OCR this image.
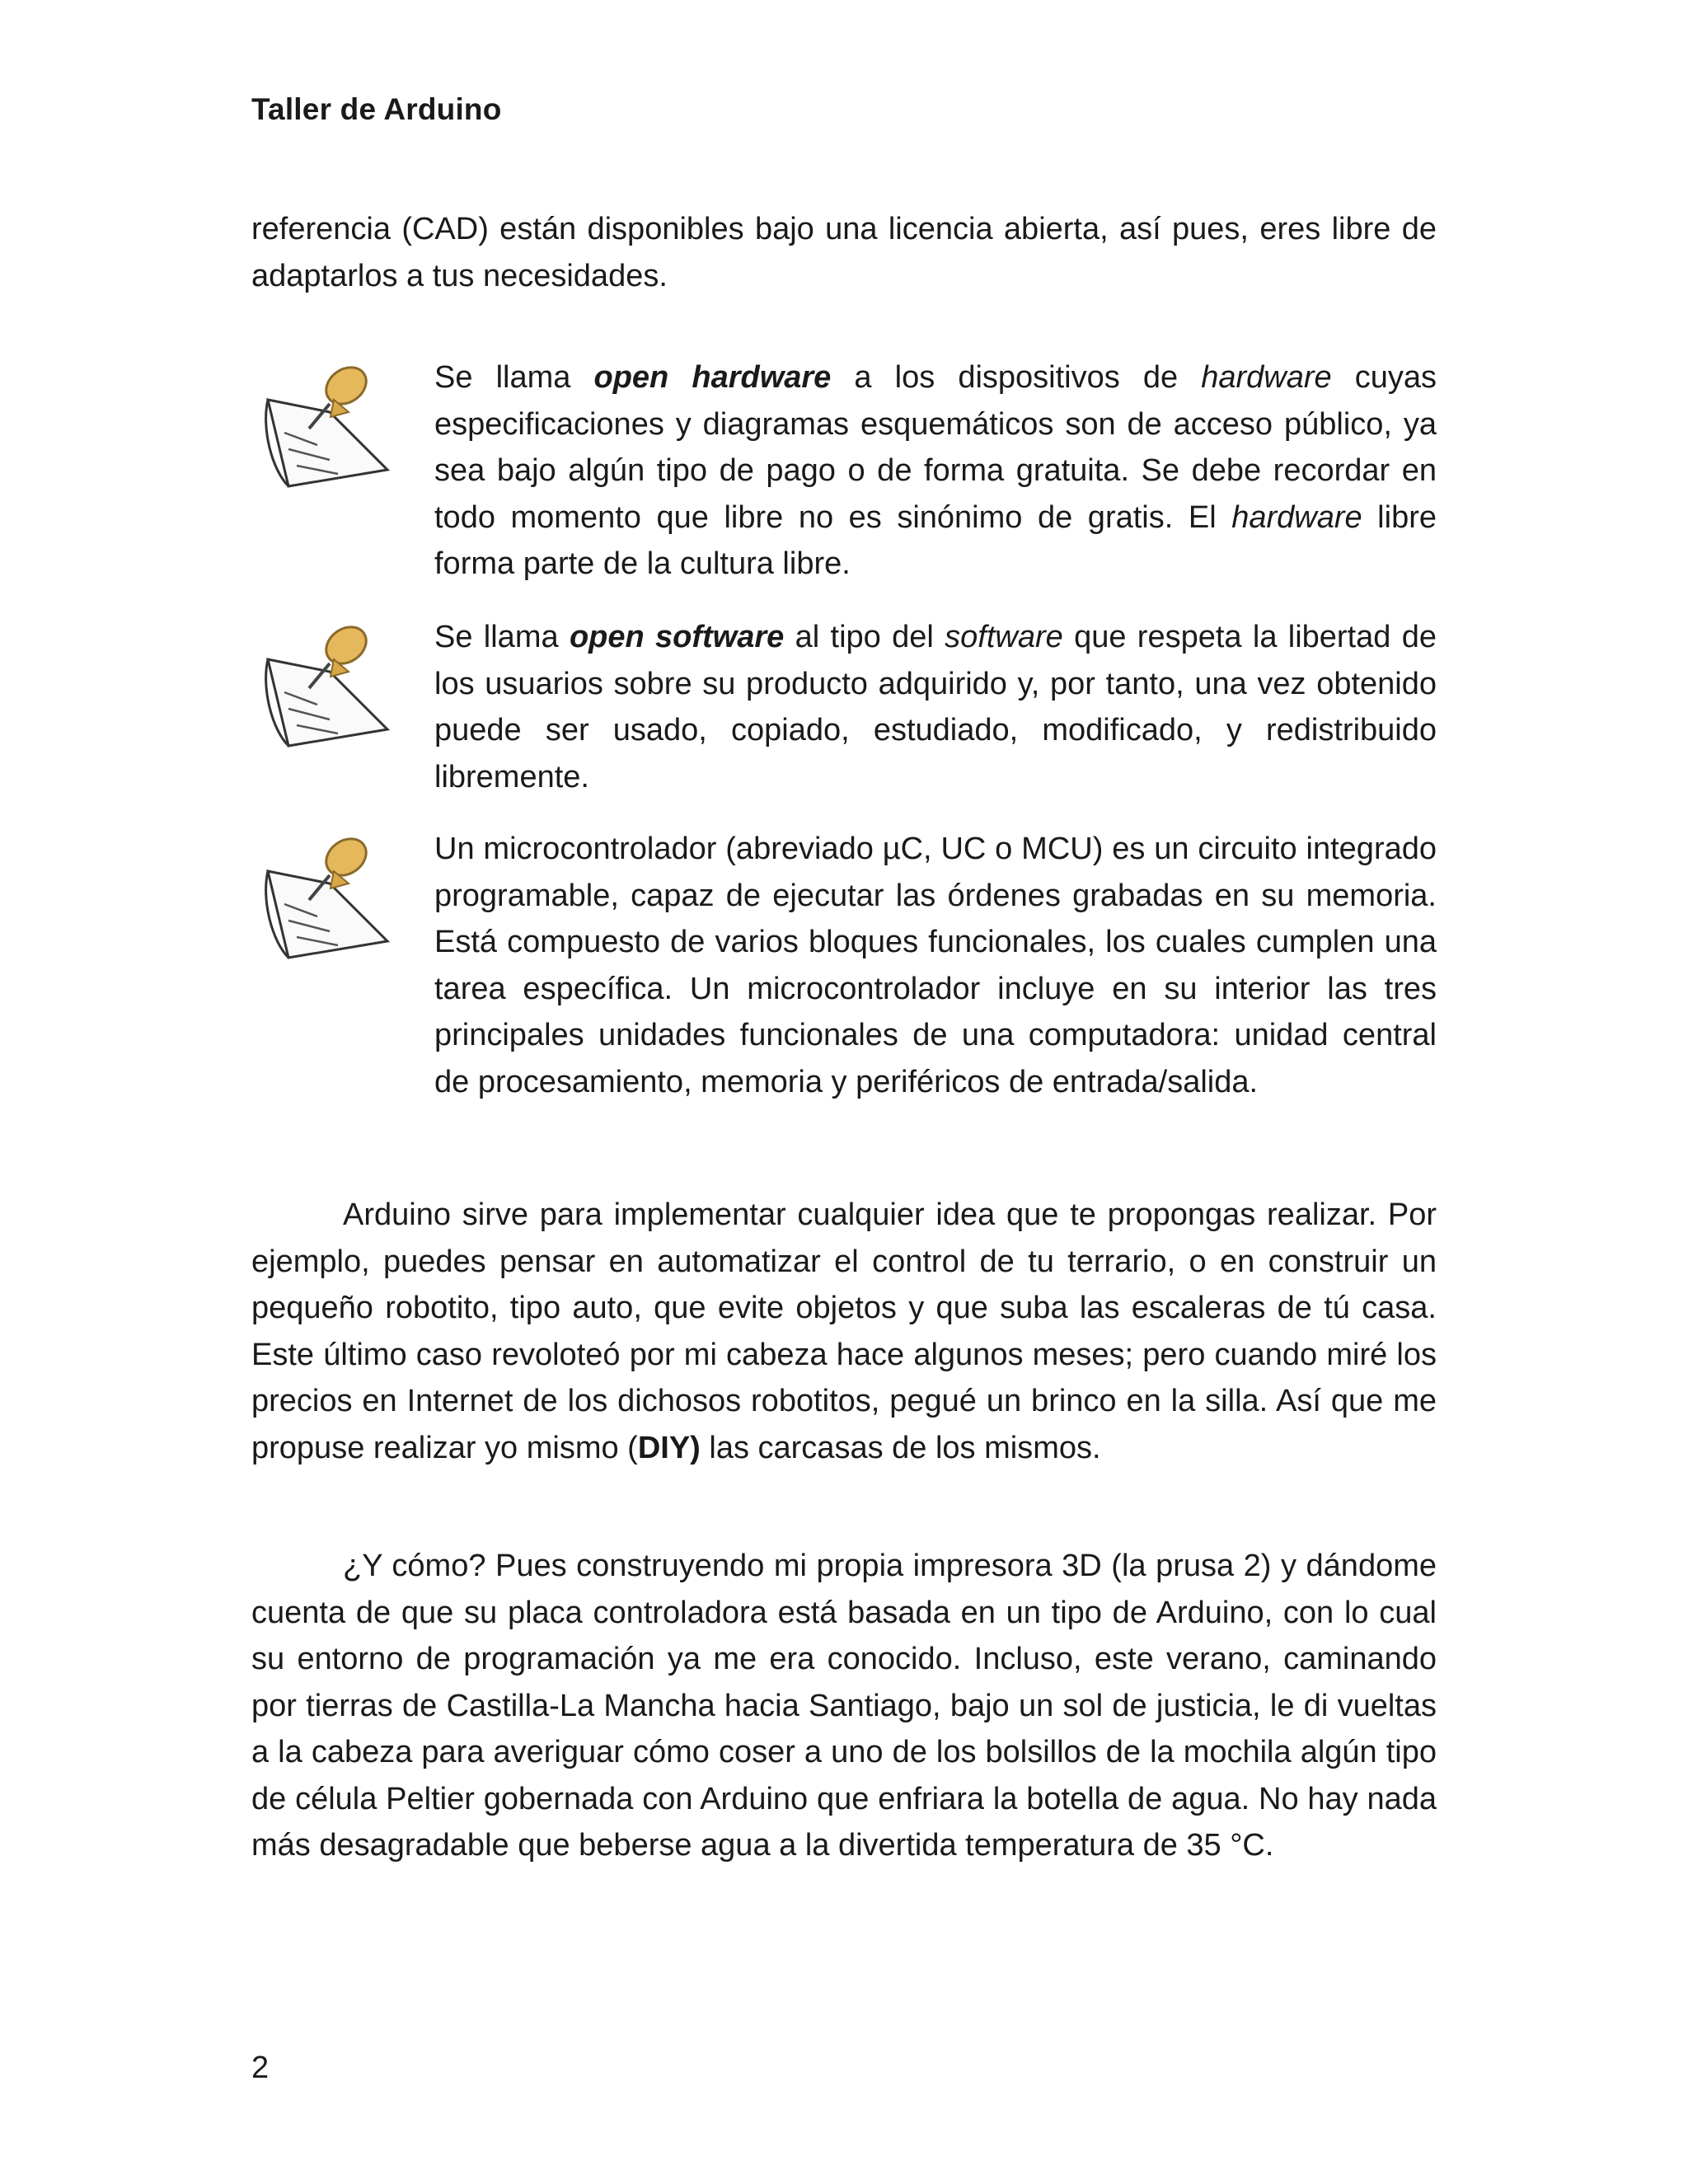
Taller de Arduino

referencia (CAD) están disponibles bajo una licencia abierta, así pues, eres libre de adaptarlos a tus necesidades.

Se llama open hardware a los dispositivos de hardware cuyas especificaciones y diagramas esquemáticos son de acceso público, ya sea bajo algún tipo de pago o de forma gratuita. Se debe recordar en todo momento que libre no es sinónimo de gratis. El hardware libre forma parte de la cultura libre.

Se llama open software al tipo del software que respeta la libertad de los usuarios sobre su producto adquirido y, por tanto, una vez obtenido puede ser usado, copiado, estudiado, modificado, y redistribuido libremente.

Un microcontrolador (abreviado µC, UC o MCU) es un circuito integrado programable, capaz de ejecutar las órdenes grabadas en su memoria. Está compuesto de varios bloques funcionales, los cuales cumplen una tarea específica. Un microcontrolador incluye en su interior las tres principales unidades funcionales de una computadora: unidad central de procesamiento, memoria y periféricos de entrada/salida.

Arduino sirve para implementar cualquier idea que te propongas realizar. Por ejemplo, puedes pensar en automatizar el control de tu terrario, o en construir un pequeño robotito, tipo auto, que evite objetos y que suba las escaleras de tú casa. Este último caso revoloteó por mi cabeza hace algunos meses; pero cuando miré los precios en Internet de los dichosos robotitos, pegué un brinco en la silla. Así que me propuse realizar yo mismo (DIY) las carcasas de los mismos.

¿Y cómo? Pues construyendo mi propia impresora 3D (la prusa 2) y dándome cuenta de que su placa controladora está basada en un tipo de Arduino, con lo cual su entorno de programación ya me era conocido. Incluso, este verano, caminando por tierras de Castilla-La Mancha hacia Santiago, bajo un sol de justicia, le di vueltas a la cabeza para averiguar cómo coser a uno de los bolsillos de la mochila algún tipo de célula Peltier gobernada con Arduino que enfriara la botella de agua. No hay nada más desagradable que beberse agua a la divertida temperatura de 35 °C.

2
